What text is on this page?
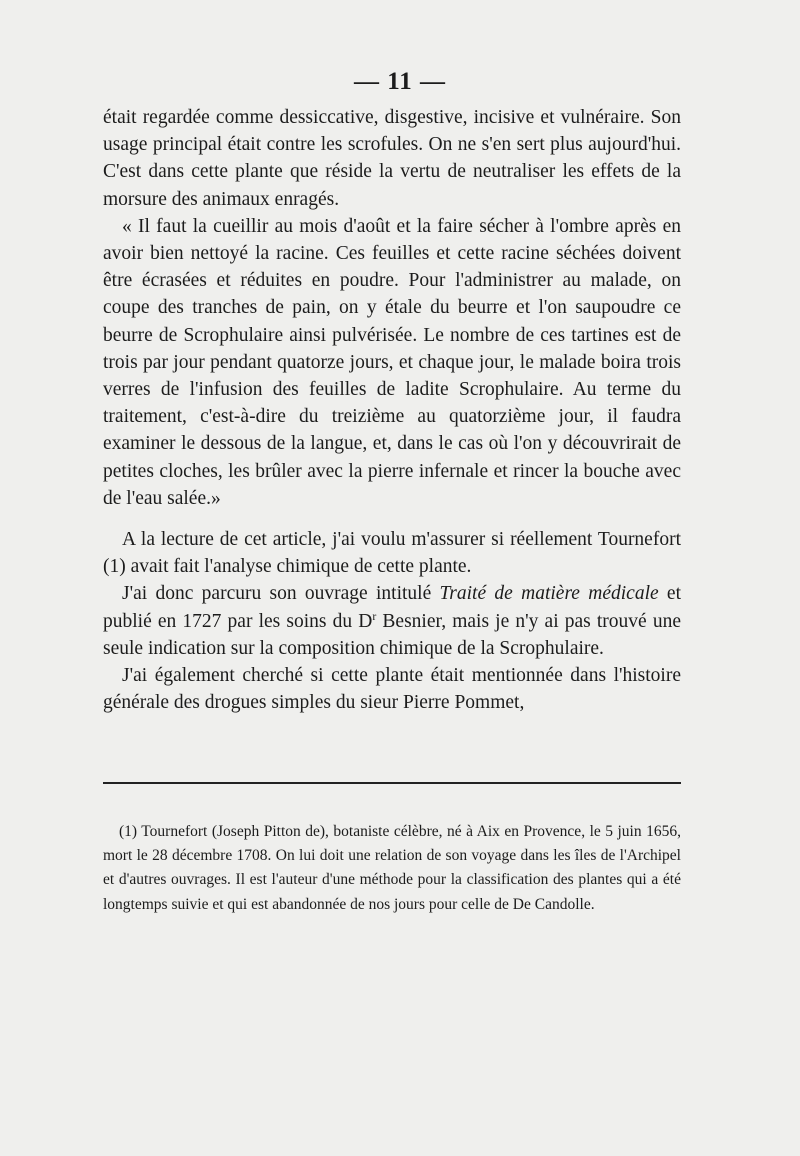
— 11 —

était regardée comme dessiccative, disgestive, incisive et vulnéraire. Son usage principal était contre les scrofules. On ne s'en sert plus aujourd'hui. C'est dans cette plante que réside la vertu de neutraliser les effets de la morsure des animaux enragés.

« Il faut la cueillir au mois d'août et la faire sécher à l'ombre après en avoir bien nettoyé la racine. Ces feuilles et cette racine séchées doivent être écrasées et réduites en poudre. Pour l'administrer au malade, on coupe des tranches de pain, on y étale du beurre et l'on saupoudre ce beurre de Scrophulaire ainsi pulvérisée. Le nombre de ces tartines est de trois par jour pendant quatorze jours, et chaque jour, le malade boira trois verres de l'infusion des feuilles de ladite Scrophulaire. Au terme du traitement, c'est-à-dire du treizième au quatorzième jour, il faudra examiner le dessous de la langue, et, dans le cas où l'on y découvrirait de petites cloches, les brûler avec la pierre infernale et rincer la bouche avec de l'eau salée.»

A la lecture de cet article, j'ai voulu m'assurer si réellement Tournefort (1) avait fait l'analyse chimique de cette plante.

J'ai donc parcuru son ouvrage intitulé Traité de matière médicale et publié en 1727 par les soins du $D^r$ Besnier, mais je n'y ai pas trouvé une seule indication sur la composition chimique de la Scrophulaire.

J'ai également cherché si cette plante était mentionnée dans l'histoire générale des drogues simples du sieur Pierre Pommet,

(1) Tournefort (Joseph Pitton de), botaniste célèbre, né à Aix en Provence, le 5 juin 1656, mort le 28 décembre 1708. On lui doit une relation de son voyage dans les îles de l'Archipel et d'autres ouvrages. Il est l'auteur d'une méthode pour la classification des plantes qui a été longtemps suivie et qui est abandonnée de nos jours pour celle de De Candolle.
